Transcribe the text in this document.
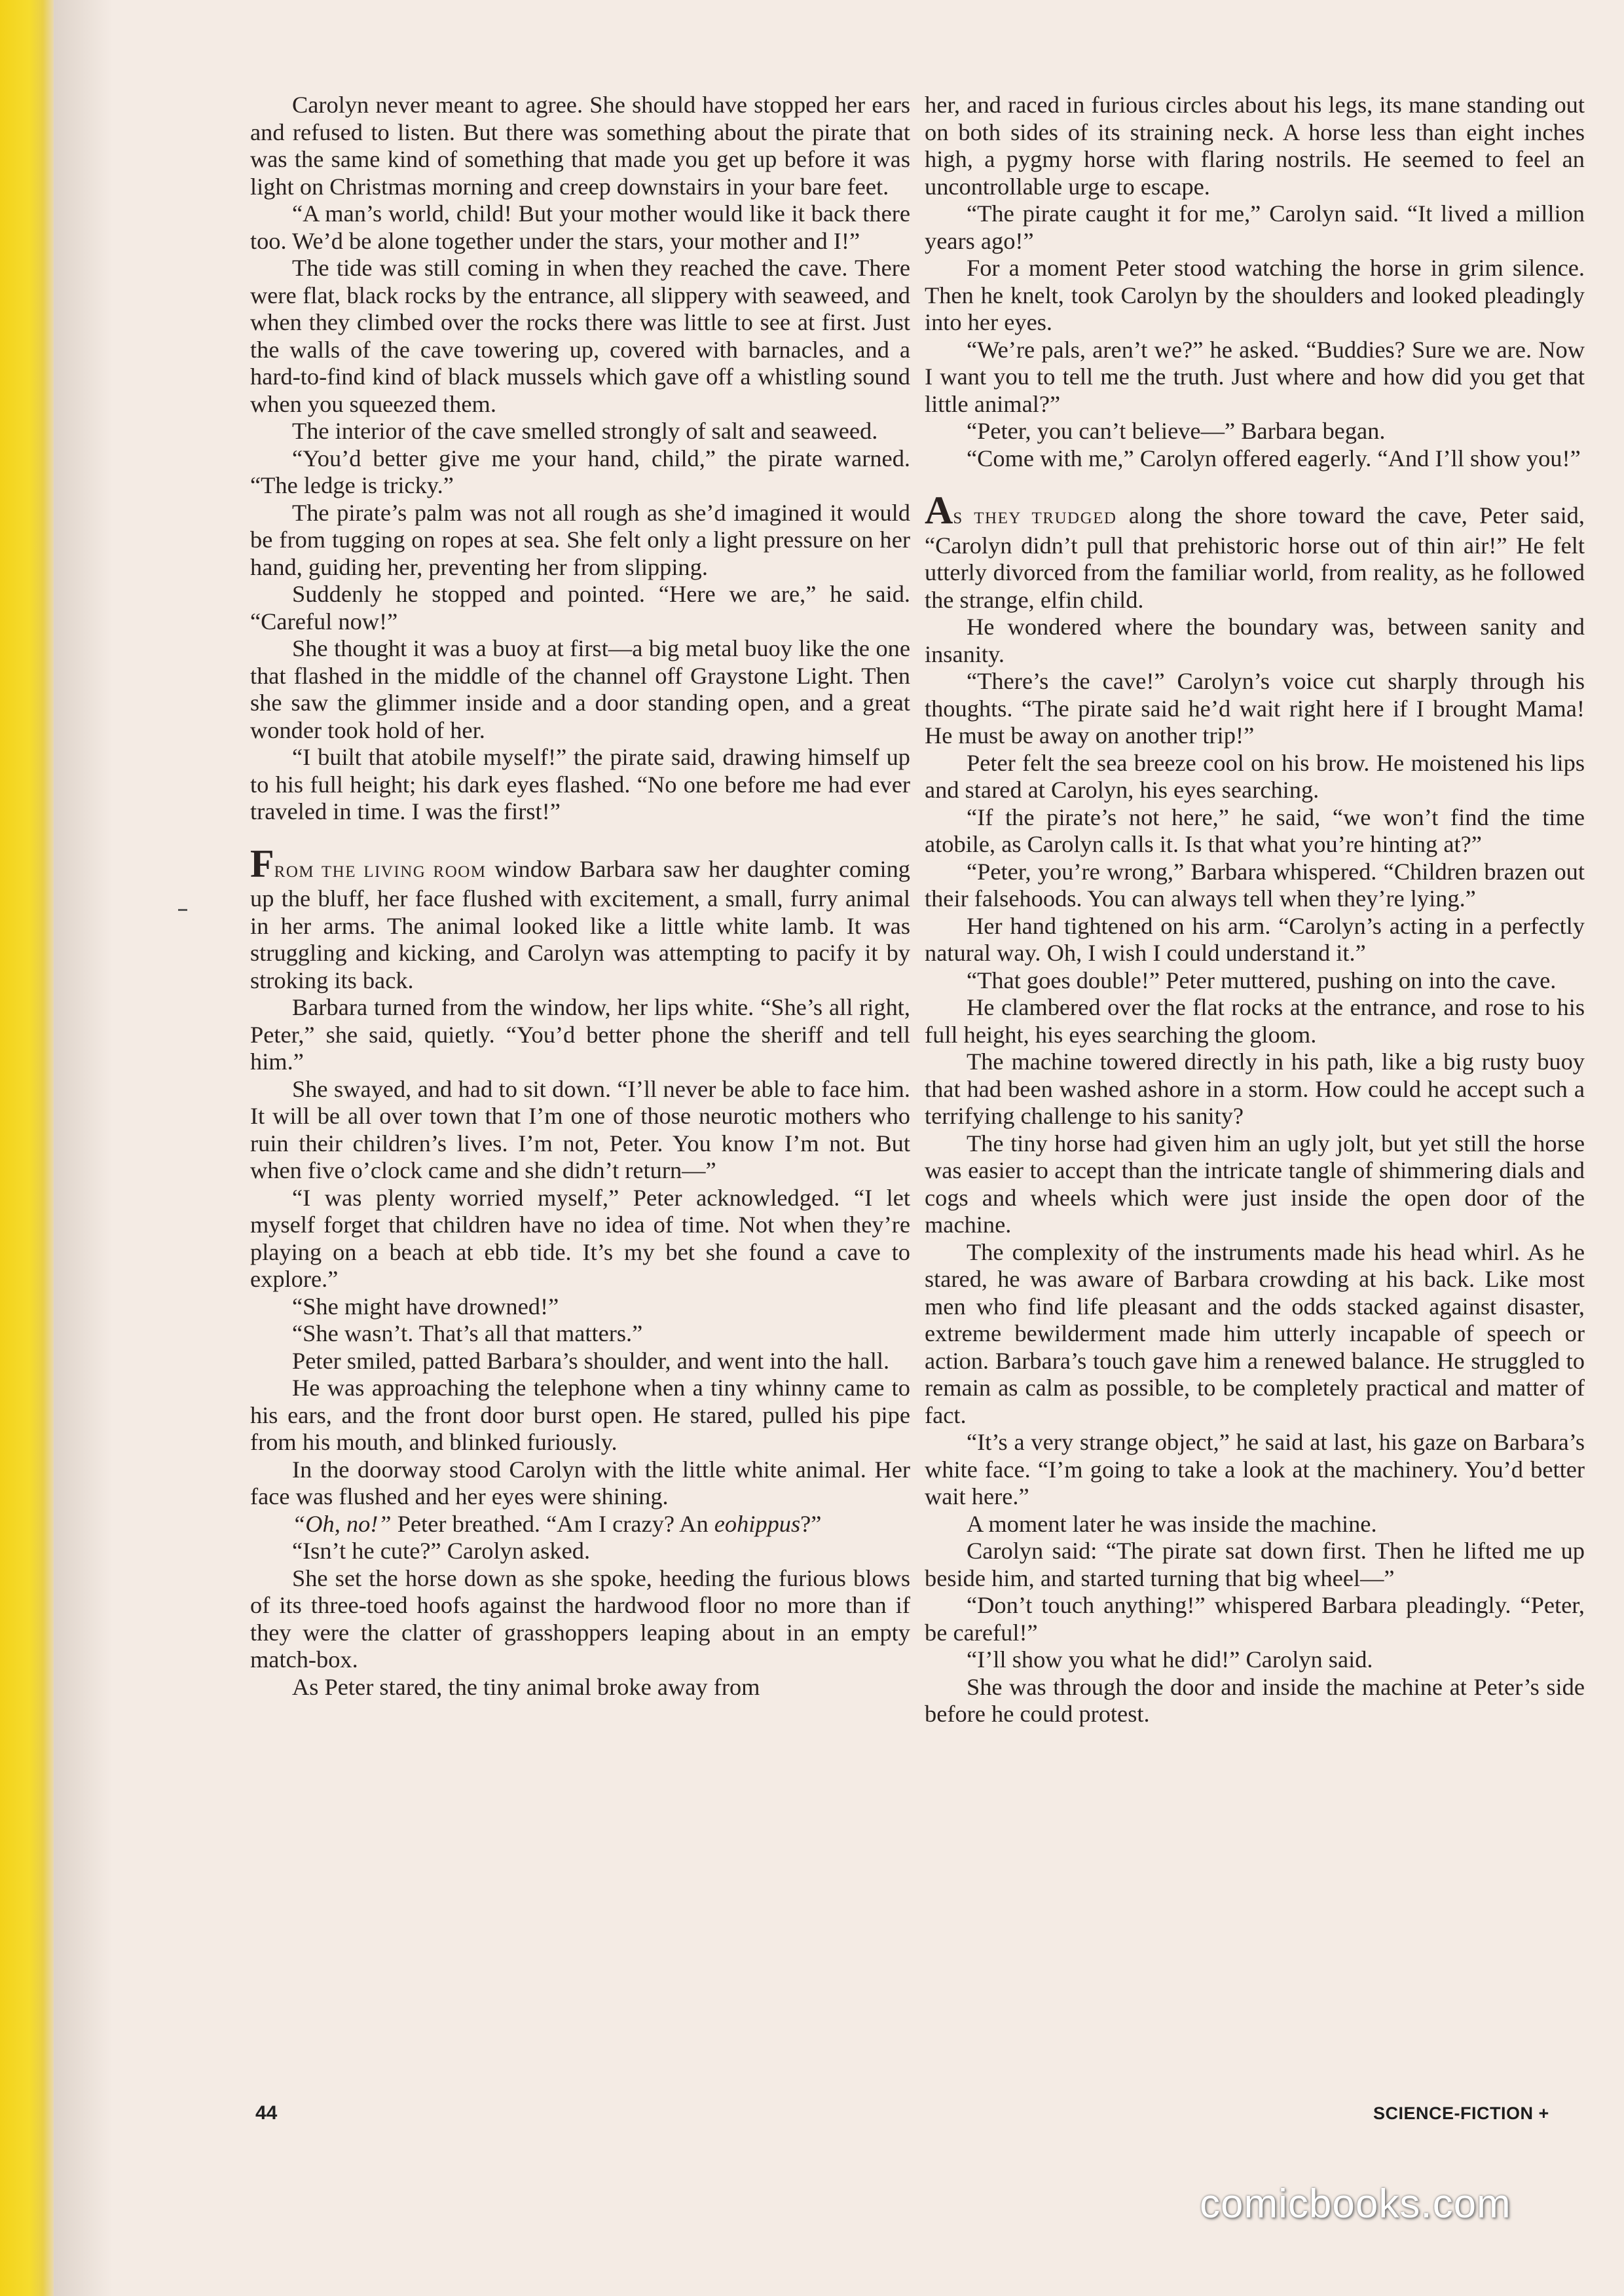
Carolyn never meant to agree. She should have stopped her ears and refused to listen. But there was something about the pirate that was the same kind of something that made you get up before it was light on Christmas morning and creep downstairs in your bare feet.

“A man’s world, child! But your mother would like it back there too. We’d be alone together under the stars, your mother and I!”

The tide was still coming in when they reached the cave. There were flat, black rocks by the entrance, all slippery with seaweed, and when they climbed over the rocks there was little to see at first. Just the walls of the cave towering up, covered with barnacles, and a hard-to-find kind of black mussels which gave off a whistling sound when you squeezed them.

The interior of the cave smelled strongly of salt and seaweed.

“You’d better give me your hand, child,” the pirate warned. “The ledge is tricky.”

The pirate’s palm was not all rough as she’d imagined it would be from tugging on ropes at sea. She felt only a light pressure on her hand, guiding her, preventing her from slipping.

Suddenly he stopped and pointed. “Here we are,” he said. “Careful now!”

She thought it was a buoy at first—a big metal buoy like the one that flashed in the middle of the channel off Graystone Light. Then she saw the glimmer inside and a door standing open, and a great wonder took hold of her.

“I built that atobile myself!” the pirate said, drawing himself up to his full height; his dark eyes flashed. “No one before me had ever traveled in time. I was the first!”

FROM THE LIVING ROOM window Barbara saw her daughter coming up the bluff, her face flushed with excitement, a small, furry animal in her arms. The animal looked like a little white lamb. It was struggling and kicking, and Carolyn was attempting to pacify it by stroking its back.

Barbara turned from the window, her lips white. “She’s all right, Peter,” she said, quietly. “You’d better phone the sheriff and tell him.”

She swayed, and had to sit down. “I’ll never be able to face him. It will be all over town that I’m one of those neurotic mothers who ruin their children’s lives. I’m not, Peter. You know I’m not. But when five o’clock came and she didn’t return—”

“I was plenty worried myself,” Peter acknowledged. “I let myself forget that children have no idea of time. Not when they’re playing on a beach at ebb tide. It’s my bet she found a cave to explore.”

“She might have drowned!”

“She wasn’t. That’s all that matters.”

Peter smiled, patted Barbara’s shoulder, and went into the hall.

He was approaching the telephone when a tiny whinny came to his ears, and the front door burst open. He stared, pulled his pipe from his mouth, and blinked furiously.

In the doorway stood Carolyn with the little white animal. Her face was flushed and her eyes were shining.

“Oh, no!” Peter breathed. “Am I crazy? An eohippus?”

“Isn’t he cute?” Carolyn asked.

She set the horse down as she spoke, heeding the furious blows of its three-toed hoofs against the hardwood floor no more than if they were the clatter of grasshoppers leaping about in an empty match-box.

As Peter stared, the tiny animal broke away from

her, and raced in furious circles about his legs, its mane standing out on both sides of its straining neck. A horse less than eight inches high, a pygmy horse with flaring nostrils. He seemed to feel an uncontrollable urge to escape.

“The pirate caught it for me,” Carolyn said. “It lived a million years ago!”

For a moment Peter stood watching the horse in grim silence. Then he knelt, took Carolyn by the shoulders and looked pleadingly into her eyes.

“We’re pals, aren’t we?” he asked. “Buddies? Sure we are. Now I want you to tell me the truth. Just where and how did you get that little animal?”

“Peter, you can’t believe—” Barbara began.

“Come with me,” Carolyn offered eagerly. “And I’ll show you!”

AS THEY TRUDGED along the shore toward the cave, Peter said, “Carolyn didn’t pull that prehistoric horse out of thin air!” He felt utterly divorced from the familiar world, from reality, as he followed the strange, elfin child.

He wondered where the boundary was, between sanity and insanity.

“There’s the cave!” Carolyn’s voice cut sharply through his thoughts. “The pirate said he’d wait right here if I brought Mama! He must be away on another trip!”

Peter felt the sea breeze cool on his brow. He moistened his lips and stared at Carolyn, his eyes searching.

“If the pirate’s not here,” he said, “we won’t find the time atobile, as Carolyn calls it. Is that what you’re hinting at?”

“Peter, you’re wrong,” Barbara whispered. “Children brazen out their falsehoods. You can always tell when they’re lying.”

Her hand tightened on his arm. “Carolyn’s acting in a perfectly natural way. Oh, I wish I could understand it.”

“That goes double!” Peter muttered, pushing on into the cave.

He clambered over the flat rocks at the entrance, and rose to his full height, his eyes searching the gloom.

The machine towered directly in his path, like a big rusty buoy that had been washed ashore in a storm. How could he accept such a terrifying challenge to his sanity?

The tiny horse had given him an ugly jolt, but yet still the horse was easier to accept than the intricate tangle of shimmering dials and cogs and wheels which were just inside the open door of the machine.

The complexity of the instruments made his head whirl. As he stared, he was aware of Barbara crowding at his back. Like most men who find life pleasant and the odds stacked against disaster, extreme bewilderment made him utterly incapable of speech or action. Barbara’s touch gave him a renewed balance. He struggled to remain as calm as possible, to be completely practical and matter of fact.

“It’s a very strange object,” he said at last, his gaze on Barbara’s white face. “I’m going to take a look at the machinery. You’d better wait here.”

A moment later he was inside the machine.

Carolyn said: “The pirate sat down first. Then he lifted me up beside him, and started turning that big wheel—”

“Don’t touch anything!” whispered Barbara pleadingly. “Peter, be careful!”

“I’ll show you what he did!” Carolyn said.

She was through the door and inside the machine at Peter’s side before he could protest.

44	SCIENCE-FICTION +
comicbooks.com
